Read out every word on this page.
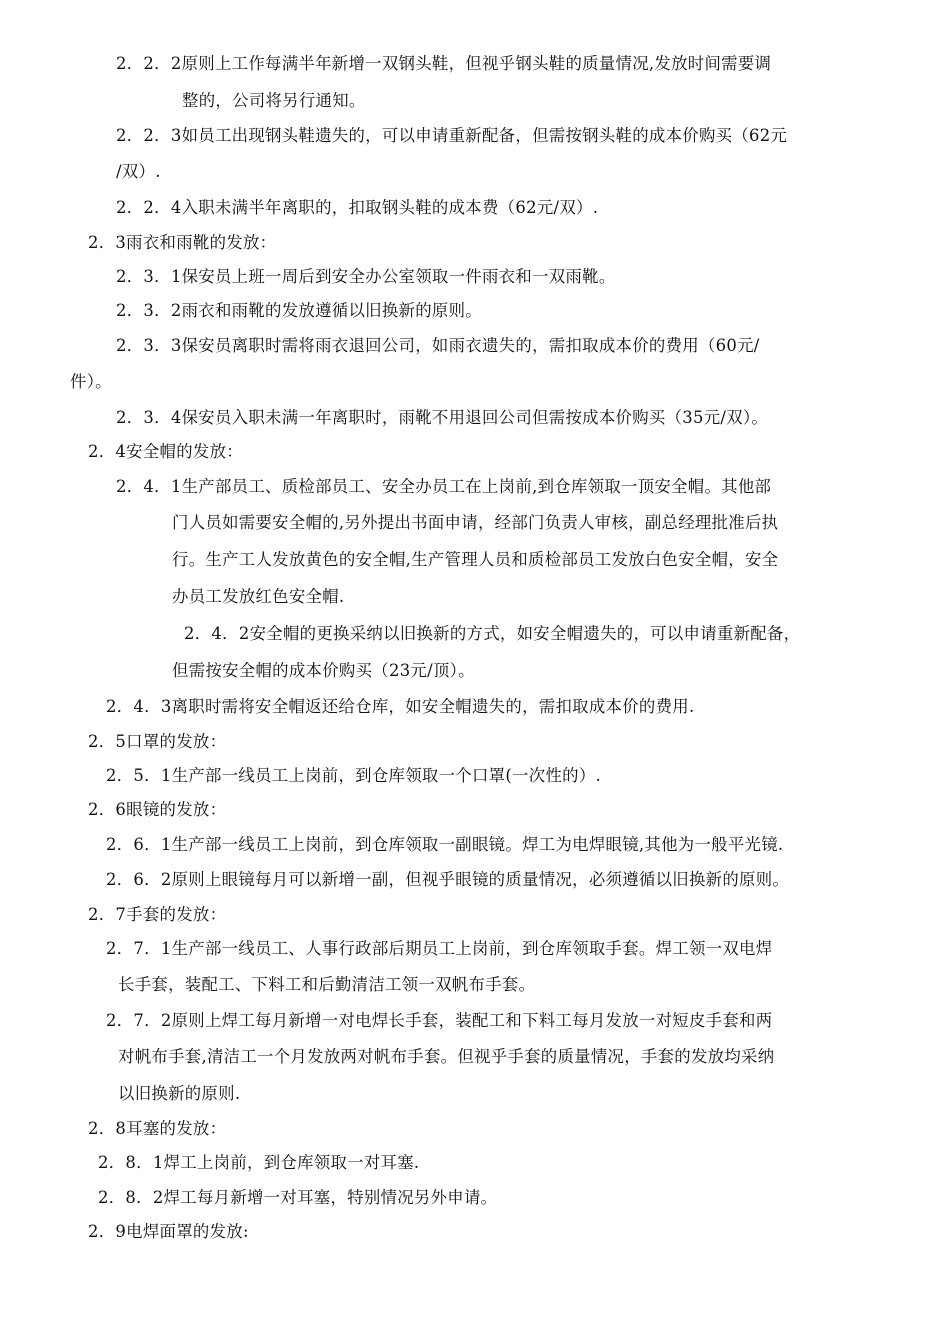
2．2．2原则上工作每满半年新增一双钢头鞋，但视乎钢头鞋的质量情况,发放时间需要调

整的，公司将另行通知。

2．2．3如员工出现钢头鞋遗失的，可以申请重新配备，但需按钢头鞋的成本价购买（62元

/双）.

2．2．4入职未满半年离职的，扣取钢头鞋的成本费（62元/双）.

2．3雨衣和雨靴的发放：

2．3．1保安员上班一周后到安全办公室领取一件雨衣和一双雨靴。

2．3．2雨衣和雨靴的发放遵循以旧换新的原则。

2．3．3保安员离职时需将雨衣退回公司，如雨衣遗失的，需扣取成本价的费用（60元/

件）。

2．3．4保安员入职未满一年离职时，雨靴不用退回公司但需按成本价购买（35元/双）。

2．4安全帽的发放：

2．4．1生产部员工、质检部员工、安全办员工在上岗前,到仓库领取一顶安全帽。其他部

门人员如需要安全帽的,另外提出书面申请，经部门负责人审核，副总经理批准后执

行。生产工人发放黄色的安全帽,生产管理人员和质检部员工发放白色安全帽，安全

办员工发放红色安全帽.

2．4．2安全帽的更换采纳以旧换新的方式，如安全帽遗失的，可以申请重新配备，

但需按安全帽的成本价购买（23元/顶）。

2．4．3离职时需将安全帽返还给仓库，如安全帽遗失的，需扣取成本价的费用.

2．5口罩的发放：

2．5．1生产部一线员工上岗前，到仓库领取一个口罩(一次性的）.

2．6眼镜的发放：

2．6．1生产部一线员工上岗前，到仓库领取一副眼镜。焊工为电焊眼镜,其他为一般平光镜.

2．6．2原则上眼镜每月可以新增一副，但视乎眼镜的质量情况，必须遵循以旧换新的原则。

2．7手套的发放：

2．7．1生产部一线员工、人事行政部后期员工上岗前，到仓库领取手套。焊工领一双电焊

长手套，装配工、下料工和后勤清洁工领一双帆布手套。

2．7．2原则上焊工每月新增一对电焊长手套，装配工和下料工每月发放一对短皮手套和两

对帆布手套,清洁工一个月发放两对帆布手套。但视乎手套的质量情况，手套的发放均采纳

以旧换新的原则.

2．8耳塞的发放：

2．8．1焊工上岗前，到仓库领取一对耳塞.

2．8．2焊工每月新增一对耳塞，特别情况另外申请。

2．9电焊面罩的发放:
